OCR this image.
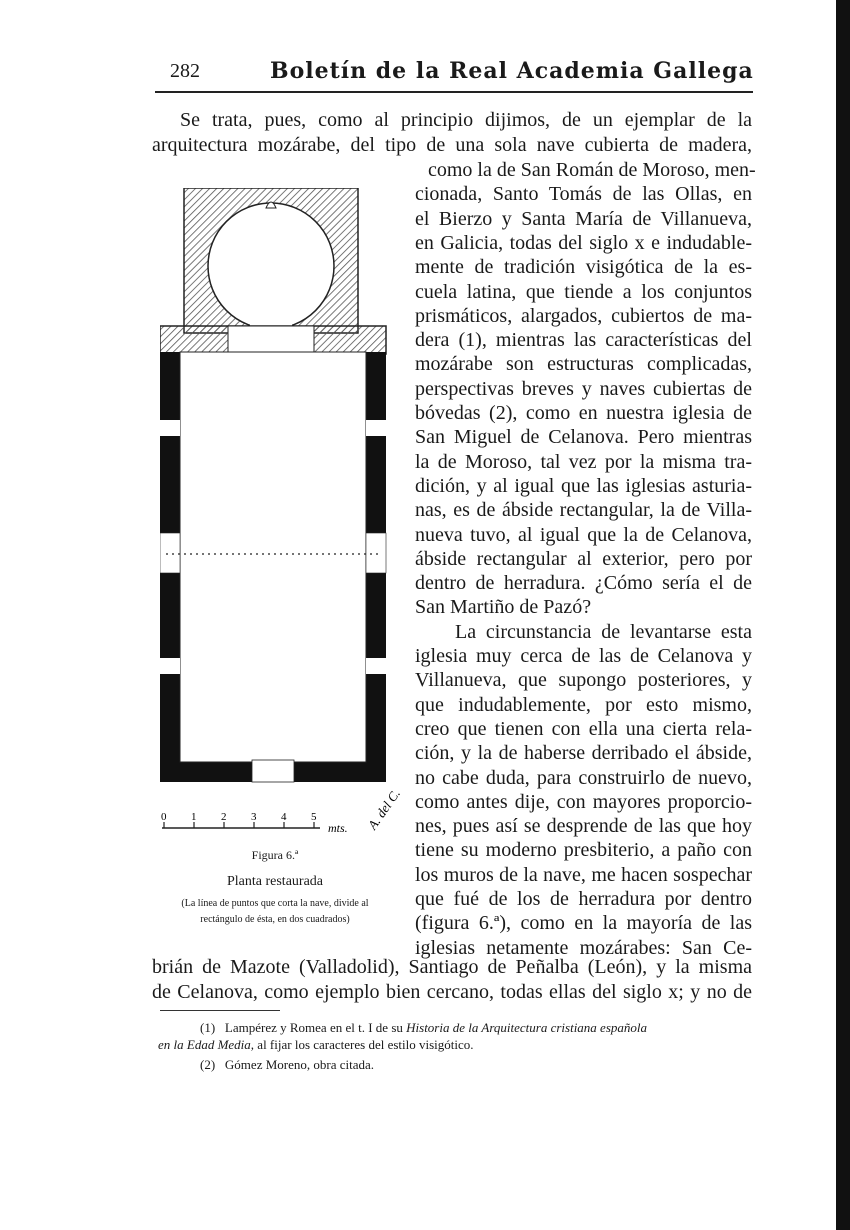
282	Boletín de la Real Academia Gallega
Se trata, pues, como al principio dijimos, de un ejemplar de la
arquitectura mozárabe, del tipo de una sola nave cubierta de madera,
como la de San Román de Moroso, men-
cionada, Santo Tomás de las Ollas, en
el Bierzo y Santa María de Villanueva,
en Galicia, todas del siglo x e indudable-
mente de tradición visigótica de la es-
cuela latina, que tiende a los conjuntos
prismáticos, alargados, cubiertos de ma-
dera (1), mientras las características del
mozárabe son estructuras complicadas,
perspectivas breves y naves cubiertas de
bóvedas (2), como en nuestra iglesia de
San Miguel de Celanova. Pero mientras
la de Moroso, tal vez por la misma tra-
dición, y al igual que las iglesias asturia-
nas, es de ábside rectangular, la de Villa-
nueva tuvo, al igual que la de Celanova,
ábside rectangular al exterior, pero por
dentro de herradura. ¿Cómo sería el de
San Martiño de Pazó?
La circunstancia de levantarse esta
iglesia muy cerca de las de Celanova y
Villanueva, que supongo posteriores, y
que indudablemente, por esto mismo,
creo que tienen con ella una cierta rela-
ción, y la de haberse derribado el ábside,
no cabe duda, para construirlo de nuevo,
como antes dije, con mayores proporcio-
nes, pues así se desprende de las que hoy
tiene su moderno presbiterio, a paño con
los muros de la nave, me hacen sospechar
que fué de los de herradura por dentro
(figura 6.ª), como en la mayoría de las
iglesias netamente mozárabes: San Ce-
brián de Mazote (Valladolid), Santiago de Peñalba (León), y la misma
de Celanova, como ejemplo bien cercano, todas ellas del siglo x; y no de
0 1 2 3 4 5
mts. A. del C.
Figura 6.ª
Planta restaurada
(La línea de puntos que corta la nave, divide al
rectángulo de ésta, en dos cuadrados)
(1) Lampérez y Romea en el t. I de su Historia de la Arquitectura cristiana española
en la Edad Media, al fijar los caracteres del estilo visigótico.
(2) Gómez Moreno, obra citada.
